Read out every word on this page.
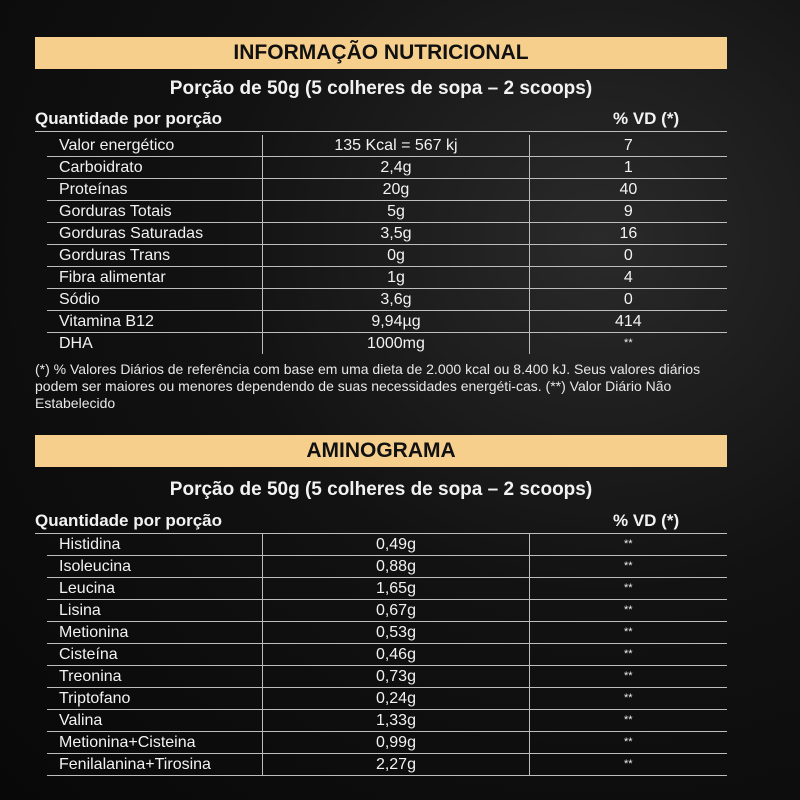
INFORMAÇÃO NUTRICIONAL
Porção de 50g (5 colheres de sopa – 2 scoops)
Quantidade por porção	% VD (*)
Valor energético	135 Kcal = 567 kj	7
Carboidrato	2,4g	1
Proteínas	20g	40
Gorduras Totais	5g	9
Gorduras Saturadas	3,5g	16
Gorduras Trans	0g	0
Fibra alimentar	1g	4
Sódio	3,6g	0
Vitamina B12	9,94µg	414
DHA	1000mg	**
(*) % Valores Diários de referência com base em uma dieta de 2.000 kcal ou 8.400 kJ. Seus valores diários podem ser maiores ou menores dependendo de suas necessidades energéti-cas. (**) Valor Diário Não Estabelecido
AMINOGRAMA
Porção de 50g (5 colheres de sopa – 2 scoops)
Quantidade por porção	% VD (*)
Histidina	0,49g	**
Isoleucina	0,88g	**
Leucina	1,65g	**
Lisina	0,67g	**
Metionina	0,53g	**
Cisteína	0,46g	**
Treonina	0,73g	**
Triptofano	0,24g	**
Valina	1,33g	**
Metionina+Cisteina	0,99g	**
Fenilalanina+Tirosina	2,27g	**
